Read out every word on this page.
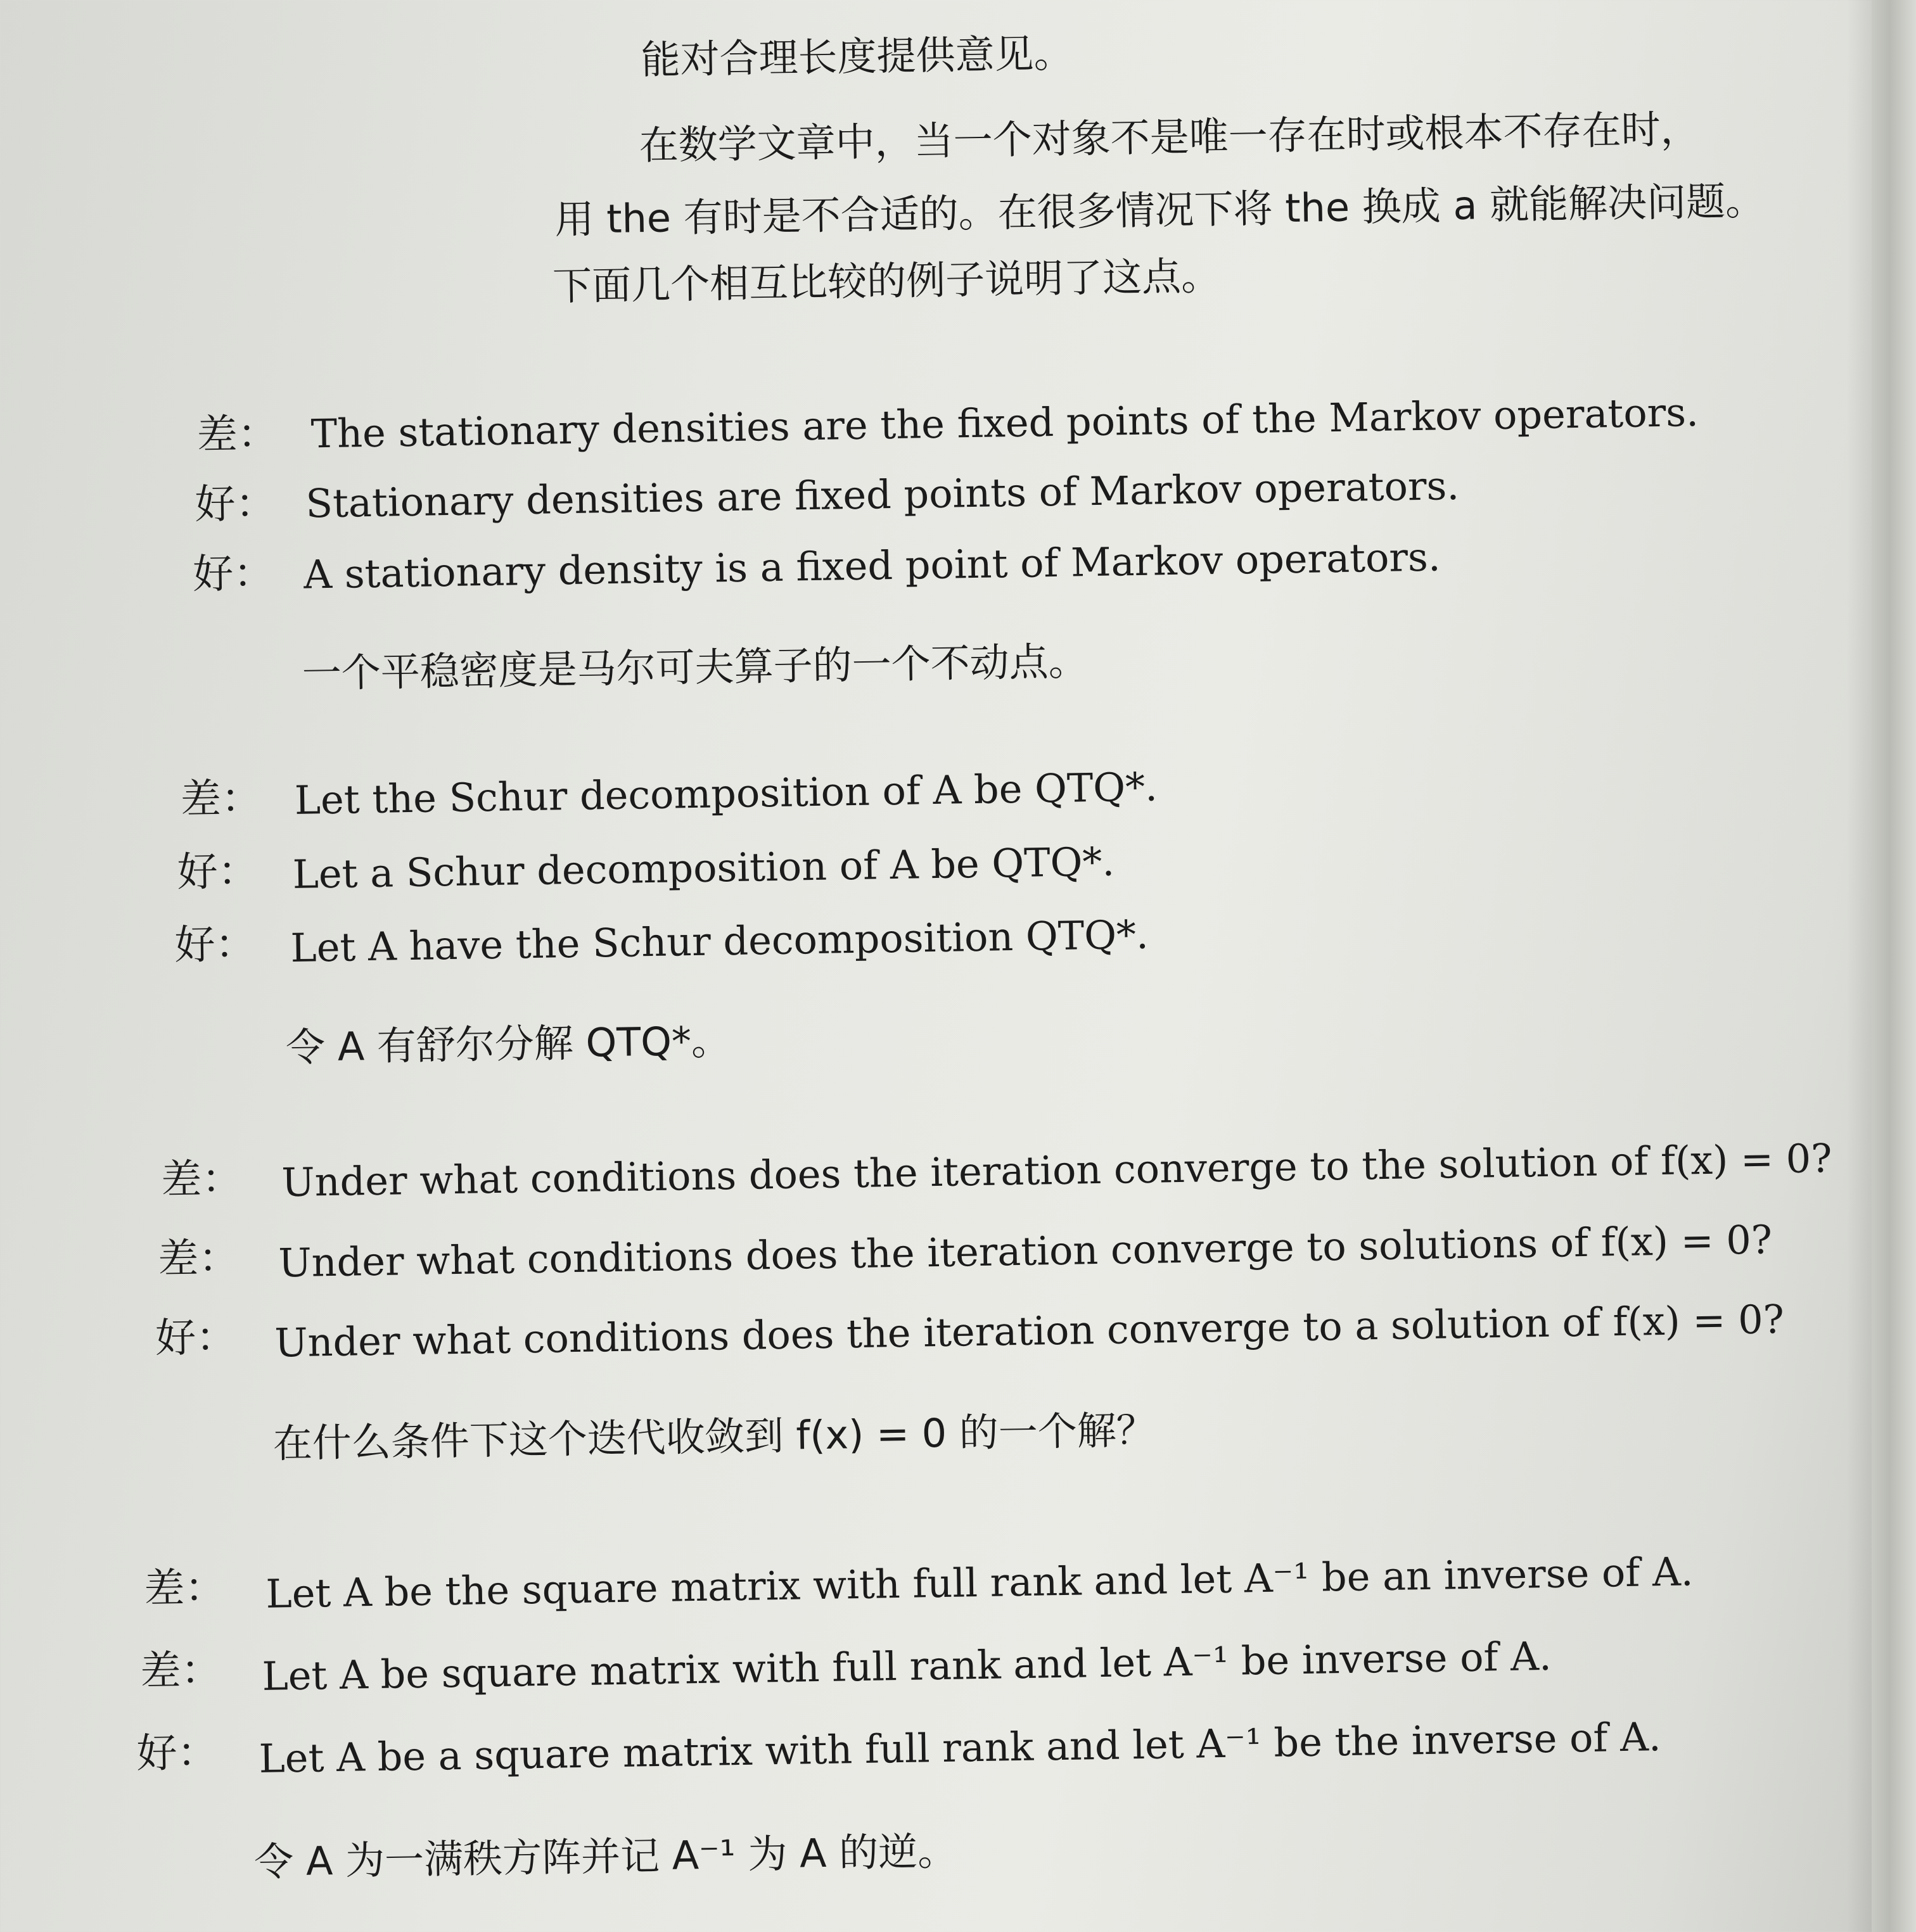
能对合理长度提供意见。
在数学文章中，当一个对象不是唯一存在时或根本不存在时，
用 the 有时是不合适的。在很多情况下将 the 换成 a 就能解决问题。
下面几个相互比较的例子说明了这点。
差： The stationary densities are the fixed points of the Markov operators.
好： Stationary densities are fixed points of Markov operators.
好： A stationary density is a fixed point of Markov operators.
一个平稳密度是马尔可夫算子的一个不动点。
差： Let the Schur decomposition of A be QTQ*.
好： Let a Schur decomposition of A be QTQ*.
好： Let A have the Schur decomposition QTQ*.
令 A 有舒尔分解 QTQ*。
差： Under what conditions does the iteration converge to the solution of f(x) = 0?
差： Under what conditions does the iteration converge to solutions of f(x) = 0?
好： Under what conditions does the iteration converge to a solution of f(x) = 0?
在什么条件下这个迭代收敛到 f(x) = 0 的一个解？
差： Let A be the square matrix with full rank and let A⁻¹ be an inverse of A.
差： Let A be square matrix with full rank and let A⁻¹ be inverse of A.
好： Let A be a square matrix with full rank and let A⁻¹ be the inverse of A.
令 A 为一满秩方阵并记 A⁻¹ 为 A 的逆。
